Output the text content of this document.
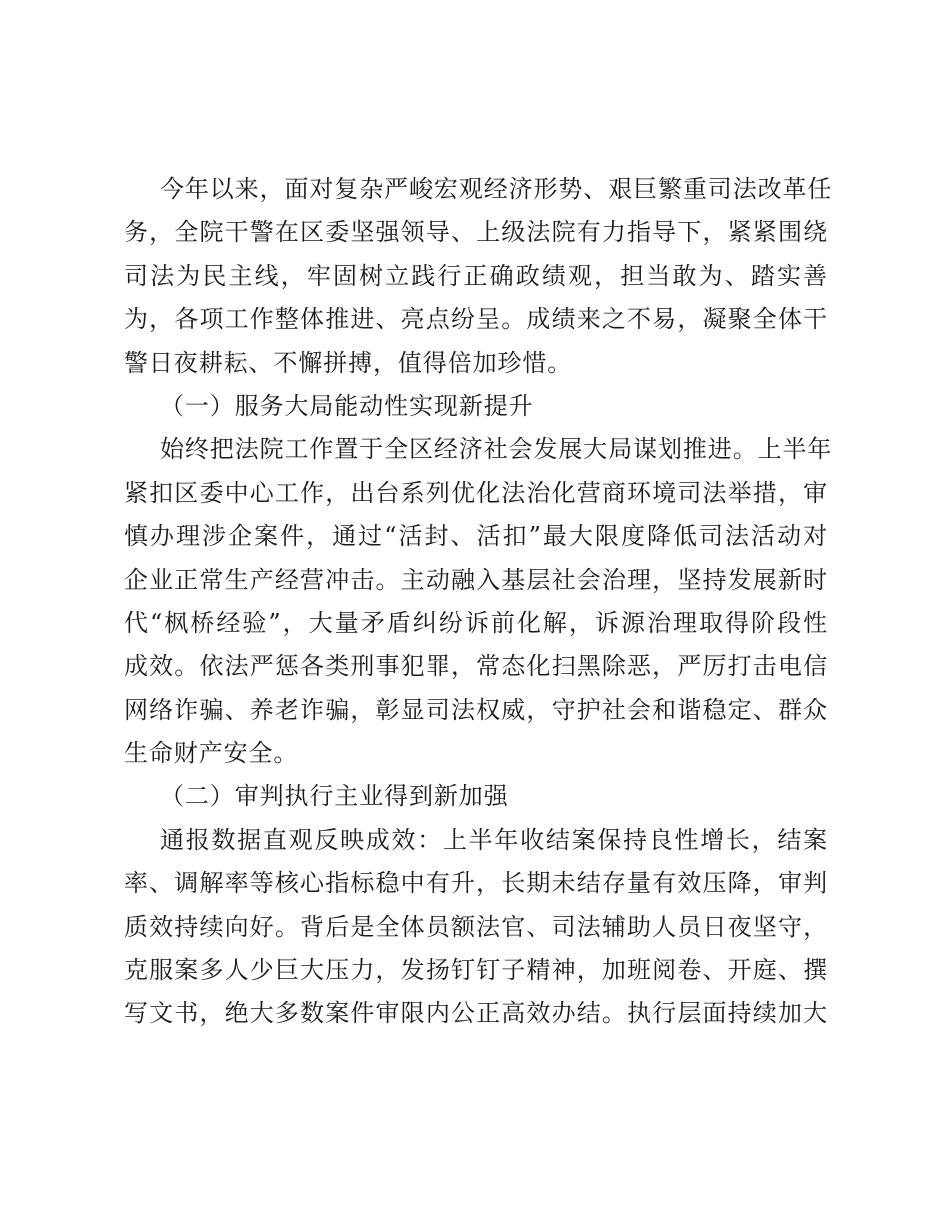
今年以来，面对复杂严峻宏观经济形势、艰巨繁重司法改革任
务，全院干警在区委坚强领导、上级法院有力指导下，紧紧围绕
司法为民主线，牢固树立践行正确政绩观，担当敢为、踏实善
为，各项工作整体推进、亮点纷呈。成绩来之不易，凝聚全体干
警日夜耕耘、不懈拼搏，值得倍加珍惜。
（一）服务大局能动性实现新提升
始终把法院工作置于全区经济社会发展大局谋划推进。上半年
紧扣区委中心工作，出台系列优化法治化营商环境司法举措，审
慎办理涉企案件，通过“活封、活扣”最大限度降低司法活动对
企业正常生产经营冲击。主动融入基层社会治理，坚持发展新时
代“枫桥经验”，大量矛盾纠纷诉前化解，诉源治理取得阶段性
成效。依法严惩各类刑事犯罪，常态化扫黑除恶，严厉打击电信
网络诈骗、养老诈骗，彰显司法权威，守护社会和谐稳定、群众
生命财产安全。
（二）审判执行主业得到新加强
通报数据直观反映成效：上半年收结案保持良性增长，结案
率、调解率等核心指标稳中有升，长期未结存量有效压降，审判
质效持续向好。背后是全体员额法官、司法辅助人员日夜坚守，
克服案多人少巨大压力，发扬钉钉子精神，加班阅卷、开庭、撰
写文书，绝大多数案件审限内公正高效办结。执行层面持续加大
